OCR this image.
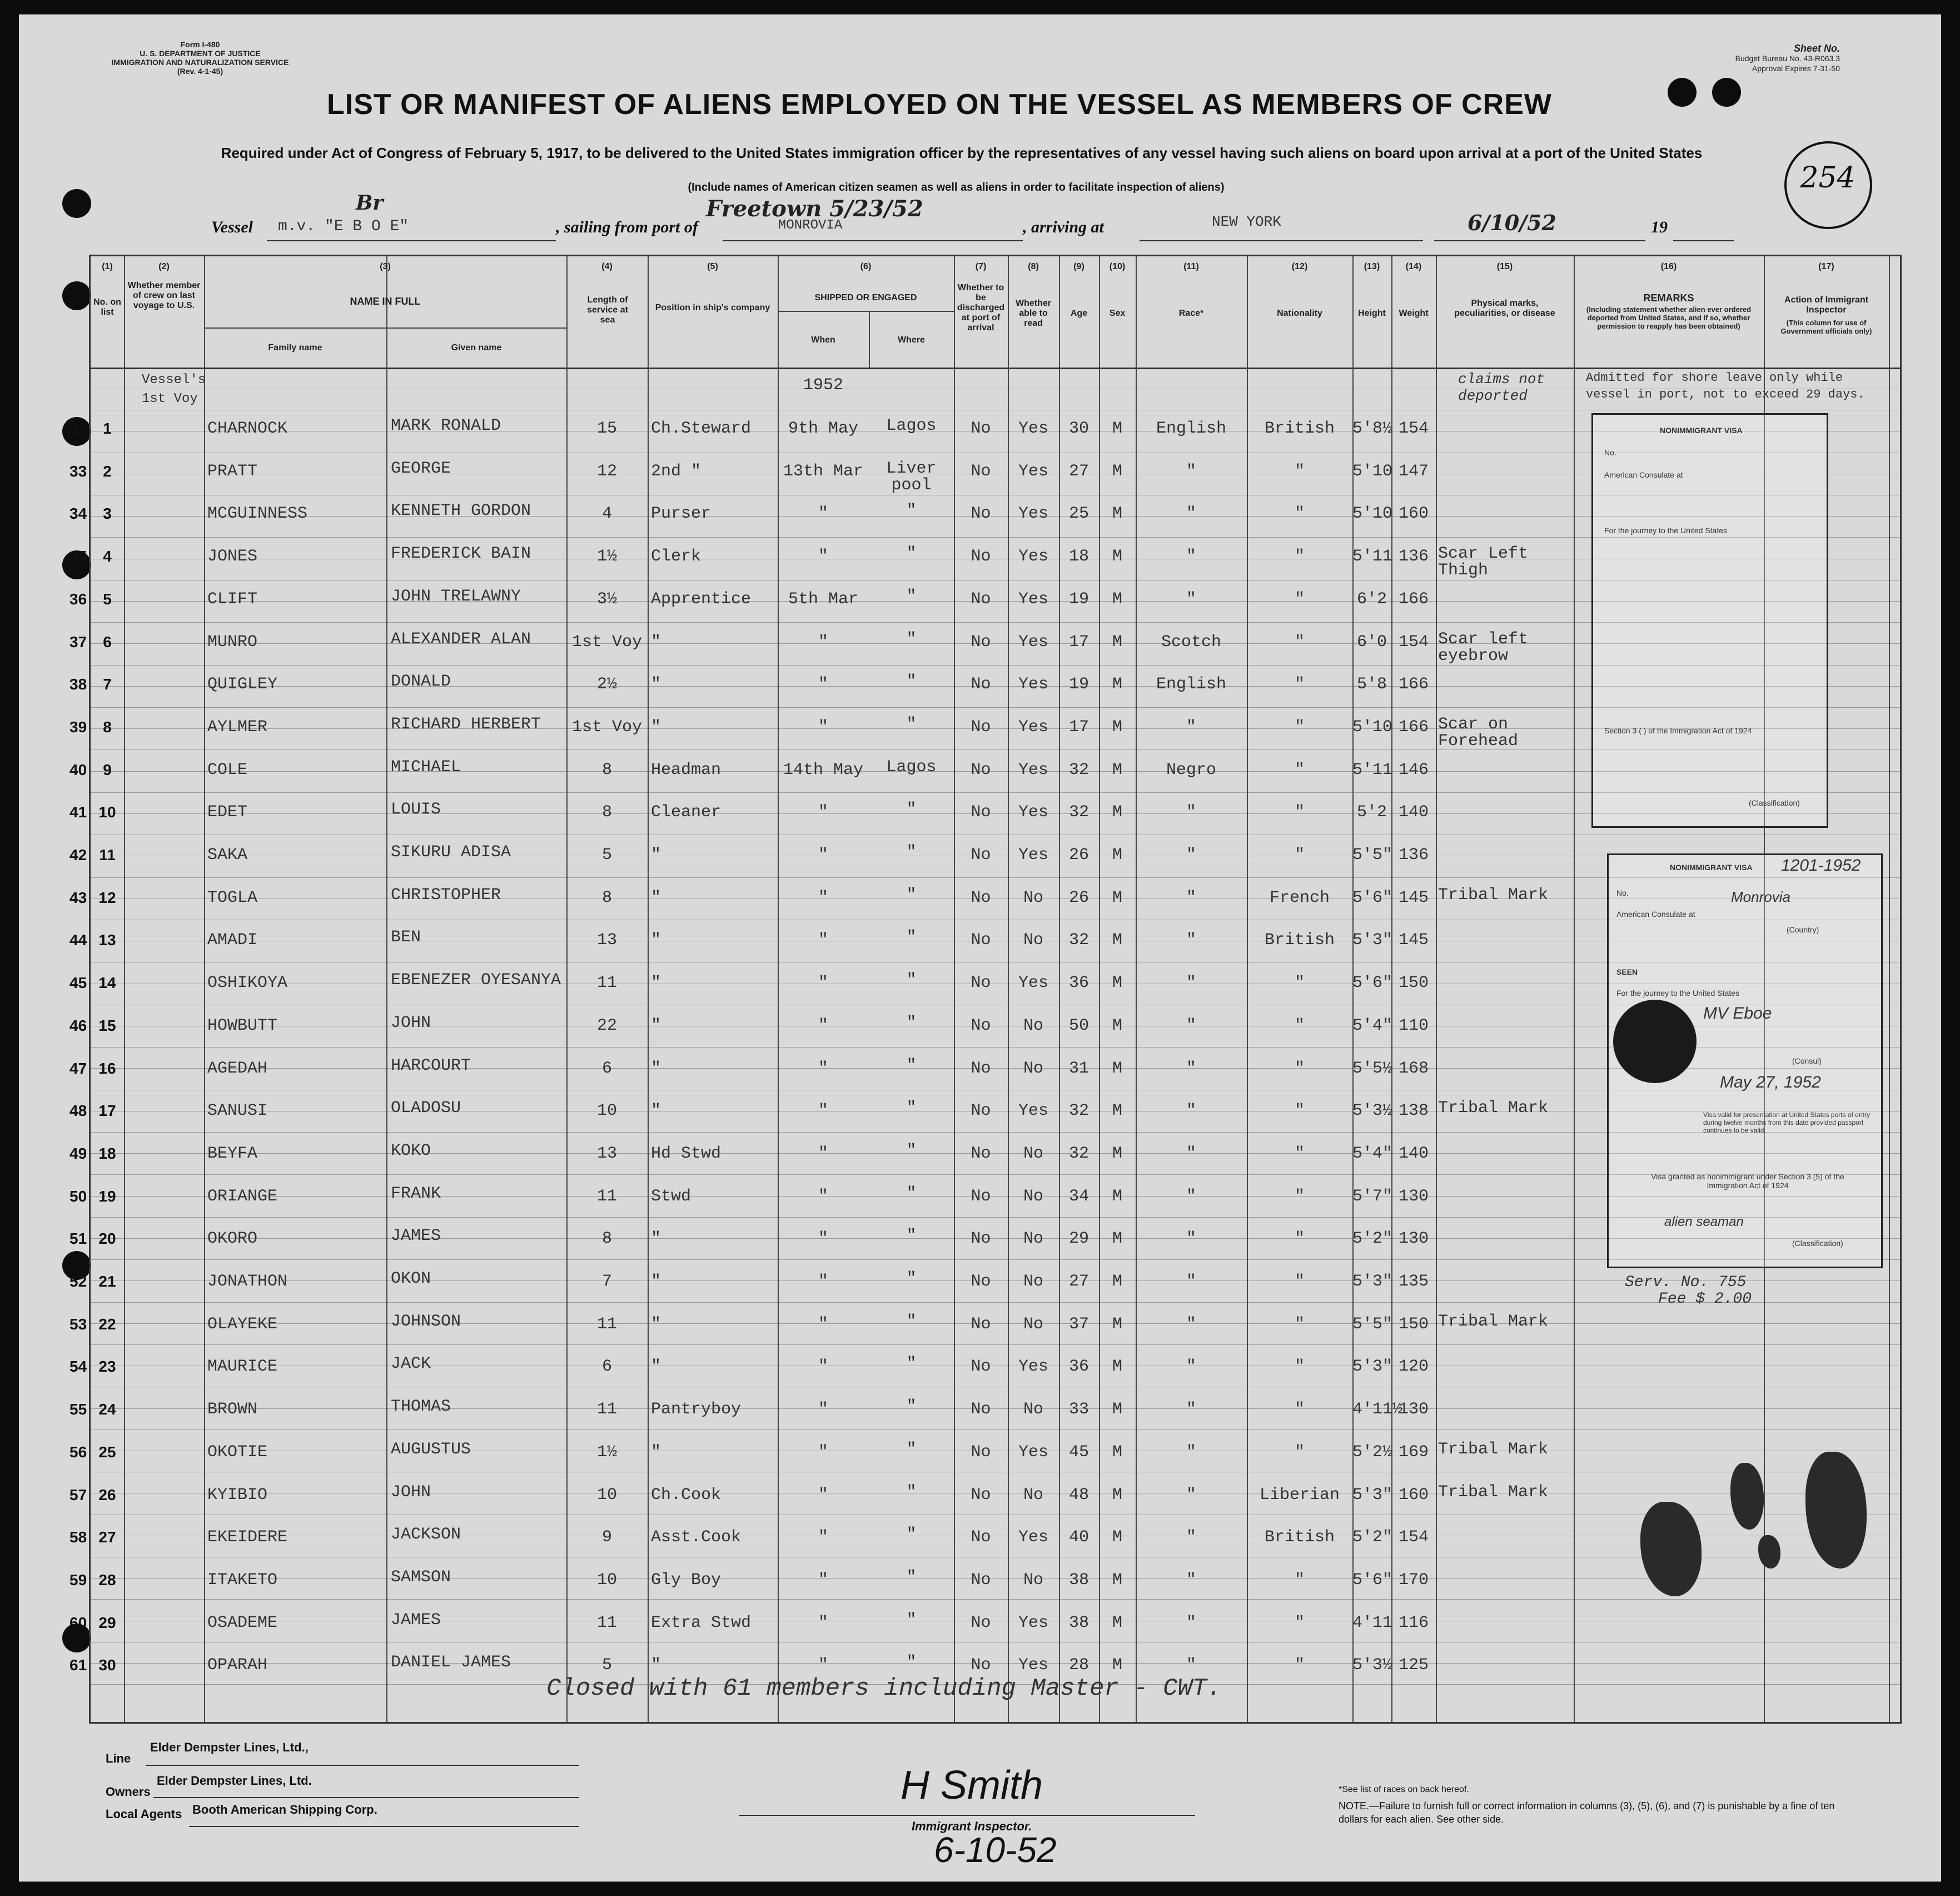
Form I-480
U. S. DEPARTMENT OF JUSTICE
IMMIGRATION AND NATURALIZATION SERVICE
(Rev. 4-1-45)
Sheet No.
Budget Bureau No. 43-R063.3
Approval Expires 7-31-50
254
LIST OR MANIFEST OF ALIENS EMPLOYED ON THE VESSEL AS MEMBERS OF CREW
Required under Act of Congress of February 5, 1917, to be delivered to the United States immigration officer by the representatives of any vessel having such aliens on board upon arrival at a port of the United States
(Include names of American citizen seamen as well as aliens in order to facilitate inspection of aliens)
Vessel m.v. "E B O E"
Br
, sailing from port of	MONROVIA
Freetown 5/23/52
, arriving at	NEW YORK	6/10/52	19
(1)
No. on list
(2)
Whether member of crew on last voyage to U.S.
(3)
NAME IN FULL
Family name	Given name
(4)
Length of service at sea
(5)
Position in ship's company
(6)
SHIPPED OR ENGAGED
When	Where
(7)
Whether to be discharged at port of arrival
(8)
Whether able to read
(9)
Age
(10)
Sex
(11)
Race*
(12)
Nationality
(13)
Height
(14)
Weight
(15)
Physical marks, peculiarities, or disease
(16)
REMARKS
(Including statement whether alien ever ordered deported from United States, and if so, whether permission to reapply has been obtained)
(17)
Action of Immigrant Inspector
(This column for use of Government officials only)
Vessel's 1st Voy
1952	claims not deported
Admitted for shore leave only while vessel in port, not to exceed 29 days.
32	1	CHARNOCK	MARK RONALD	15	Ch.Steward	9th May	Lagos	No	Yes	30	M	English	British	5'8½ 154
33	2	PRATT	GEORGE	12	2nd "	13th Mar	Liver pool
No	Yes	27	M	"	"	5'10 147
34	3	MCGUINNESS	KENNETH GORDON	4	Purser	"	"	No	Yes	25	M	"	"	5'10 160
35	4	JONES	FREDERICK BAIN	1½	Clerk	"	"	No	Yes	18	M	"	"	5'11 136 Scar Left Thigh
36	5	CLIFT	JOHN TRELAWNY	3½	Apprentice	5th Mar	"	No	Yes	19	M	"	"	6'2 166
37	6	MUNRO	ALEXANDER ALAN	1st Voy "	"	"	No	Yes	17	M	Scotch	"	6'0 154 Scar left eyebrow
38	7	QUIGLEY	DONALD	2½	"	"	"	No	Yes	19	M	English	"	5'8 166
39	8	AYLMER	RICHARD HERBERT	1st Voy "	"	"	No	Yes	17	M	"	"	5'10 166 Scar on Forehead
40	9	COLE	MICHAEL	8	Headman	14th May	Lagos	No	Yes	32	M	Negro	"	5'11 146
41 10	EDET	LOUIS	8	Cleaner	"	"	No	Yes	32	M	"	"	5'2 140
42 11	SAKA	SIKURU ADISA	5	"	"	"	No	Yes	26	M	"	"	5'5" 136
43 12	TOGLA	CHRISTOPHER	8	"	"	"	No	No	26	M	"	French	5'6" 145 Tribal Mark
44 13	AMADI	BEN	13	"	"	"	No	No	32	M	"	British	5'3" 145
45 14	OSHIKOYA	EBENEZER OYESANYA	11	"	"	"	No	Yes	36	M	"	"	5'6" 150
46 15	HOWBUTT	JOHN	22	"	"	"	No	No	50	M	"	"	5'4" 110
47 16	AGEDAH	HARCOURT	6	"	"	"	No	No	31	M	"	"	5'5½ 168
48 17	SANUSI	OLADOSU	10	"	"	"	No	Yes	32	M	"	"	5'3½ 138 Tribal Mark
49 18	BEYFA	KOKO	13	Hd Stwd	"	"	No	No	32	M	"	"	5'4" 140
50 19	ORIANGE	FRANK	11	Stwd	"	"	No	No	34	M	"	"	5'7" 130
51 20	OKORO	JAMES	8	"	"	"	No	No	29	M	"	"	5'2" 130
52 21	JONATHON	OKON	7	"	"	"	No	No	27	M	"	"	5'3" 135
53 22	OLAYEKE	JOHNSON	11	"	"	"	No	No	37	M	"	"	5'5" 150 Tribal Mark
54 23	MAURICE	JACK	6	"	"	"	No	Yes	36	M	"	"	5'3" 120
55 24	BROWN	THOMAS	11	Pantryboy	"	"	No	No	33	M	"	"	4'11½
130
56 25	OKOTIE	AUGUSTUS	1½	"	"	"	No	Yes	45	M	"	"	5'2½ 169 Tribal Mark
57 26	KYIBIO	JOHN	10	Ch.Cook	"	"	No	No	48	M	"	Liberian 5'3" 160 Tribal Mark
58 27	EKEIDERE	JACKSON	9	Asst.Cook	"	"	No	Yes	40	M	"	British	5'2" 154
59 28	ITAKETO	SAMSON	10	Gly Boy	"	"	No	No	38	M	"	"	5'6" 170
60 29	OSADEME	JAMES	11	Extra Stwd	"	"	No	Yes	38	M	"	"	4'11 116
61 30	OPARAH	DANIEL JAMES	5	"	"	"	No	Yes	28	M	"	"	5'3½ 125
NONIMMIGRANT VISA
No.
American Consulate at
For the journey to the United States
Section 3 ( ) of the Immigration Act of 1924
(Classification)
NONIMMIGRANT VISA 1201-1952
No.
American Consulate at
Monrovia
(Country)
SEEN
For the journey to the United States
MV Eboe
(Consul)
May 27, 1952
Visa valid for presentation at United States ports of entry during twelve months from this date provided passport continues to be valid.
Visa granted as nonimmigrant under Section 3 (5) of the Immigration Act of 1924
alien seaman
(Classification)
Serv. No. 755
Fee $ 2.00
Closed with 61 members including Master - CWT.
Line
Elder Dempster Lines, Ltd.,
Owners
Elder Dempster Lines, Ltd.
Local Agents Booth American Shipping Corp.
H Smith
Immigrant Inspector.
6-10-52
*See list of races on back hereof.
NOTE.—Failure to furnish full or correct information in columns (3), (5), (6), and (7) is punishable by a fine of ten dollars for each alien. See other side.
